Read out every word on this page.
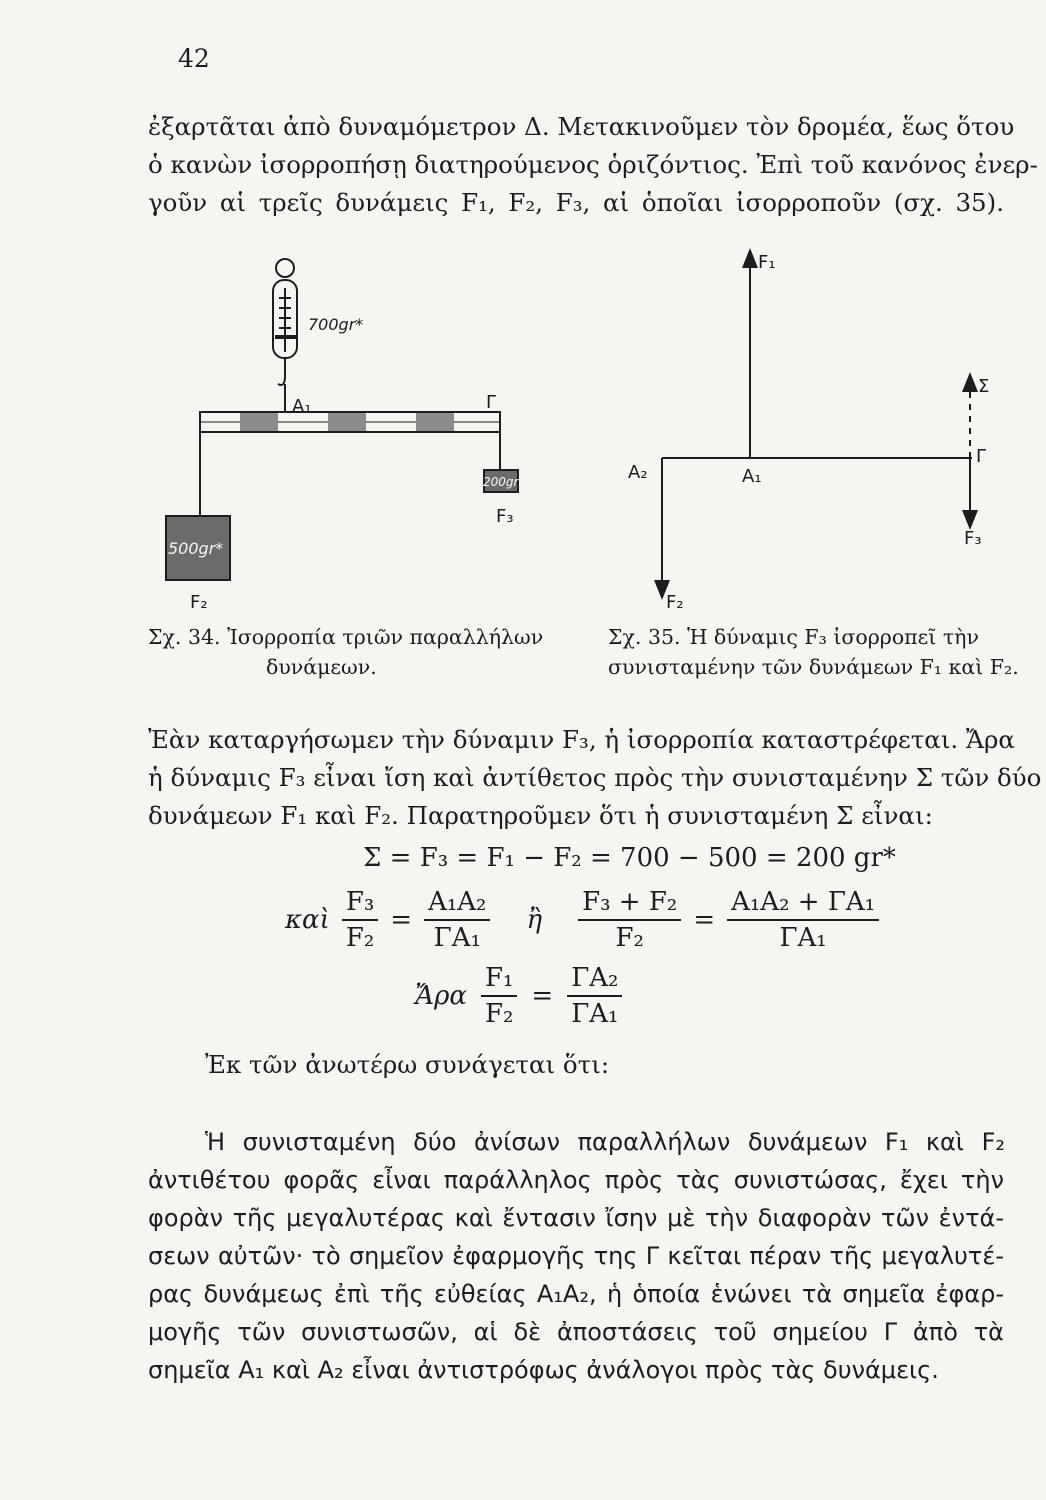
42
ἐξαρτᾶται ἀπὸ δυναμόμετρον Δ. Μετακινοῦμεν τὸν δρομέα, ἕως ὅτου
ὁ κανὼν ἰσορροπήσῃ διατηρούμενος ὁριζόντιος. Ἐπὶ τοῦ κανόνος ἐνερ-
γοῦν αἱ τρεῖς δυνάμεις F₁, F₂, F₃, αἱ ὁποῖαι ἰσορροποῦν (σχ. 35).
700gr*
A₁	Γ
200gr*
F₃
500gr*
F₂
F₁
Σ
Γ
A₂	A₁
F₃
F₂
Σχ. 34. Ἰσορροπία τριῶν παραλλήλων
δυνάμεων.
Σχ. 35. Ἡ δύναμις F₃ ἰσορροπεῖ τὴν
συνισταμένην τῶν δυνάμεων F₁ καὶ F₂.
Ἐὰν καταργήσωμεν τὴν δύναμιν F₃, ἡ ἰσορροπία καταστρέφεται. Ἄρα
ἡ δύναμις F₃ εἶναι ἴση καὶ ἀντίθετος πρὸς τὴν συνισταμένην Σ τῶν δύο
δυνάμεων F₁ καὶ F₂. Παρατηροῦμεν ὅτι ἡ συνισταμένη Σ εἶναι:
Σ = F₃ = F₁ − F₂ = 700 − 500 = 200 gr*
καὶ $\frac{\text{F₃}}{\text{F₂}} = \frac{\text{A₁A₂}}{\text{ΓA₁}}$ ἢ $\frac{\text{F₃ + F₂}}{\text{F₂}} = \frac{\text{A₁A₂ + ΓA₁}}{\text{ΓA₁}}$
Ἄρα $\frac{\text{F₁}}{\text{F₂}} = \frac{\text{ΓA₂}}{\text{ΓA₁}}$
Ἐκ τῶν ἀνωτέρω συνάγεται ὅτι:
Ἡ συνισταμένη δύο ἀνίσων παραλλήλων δυνάμεων F₁ καὶ F₂
ἀντιθέτου φορᾶς εἶναι παράλληλος πρὸς τὰς συνιστώσας, ἔχει τὴν
φορὰν τῆς μεγαλυτέρας καὶ ἔντασιν ἴσην μὲ τὴν διαφορὰν τῶν ἐντά-
σεων αὐτῶν· τὸ σημεῖον ἐφαρμογῆς της Γ κεῖται πέραν τῆς μεγαλυτέ-
ρας δυνάμεως ἐπὶ τῆς εὐθείας A₁A₂, ἡ ὁποία ἑνώνει τὰ σημεῖα ἐφαρ-
μογῆς τῶν συνιστωσῶν, αἱ δὲ ἀποστάσεις τοῦ σημείου Γ ἀπὸ τὰ
σημεῖα A₁ καὶ A₂ εἶναι ἀντιστρόφως ἀνάλογοι πρὸς τὰς δυνάμεις.
